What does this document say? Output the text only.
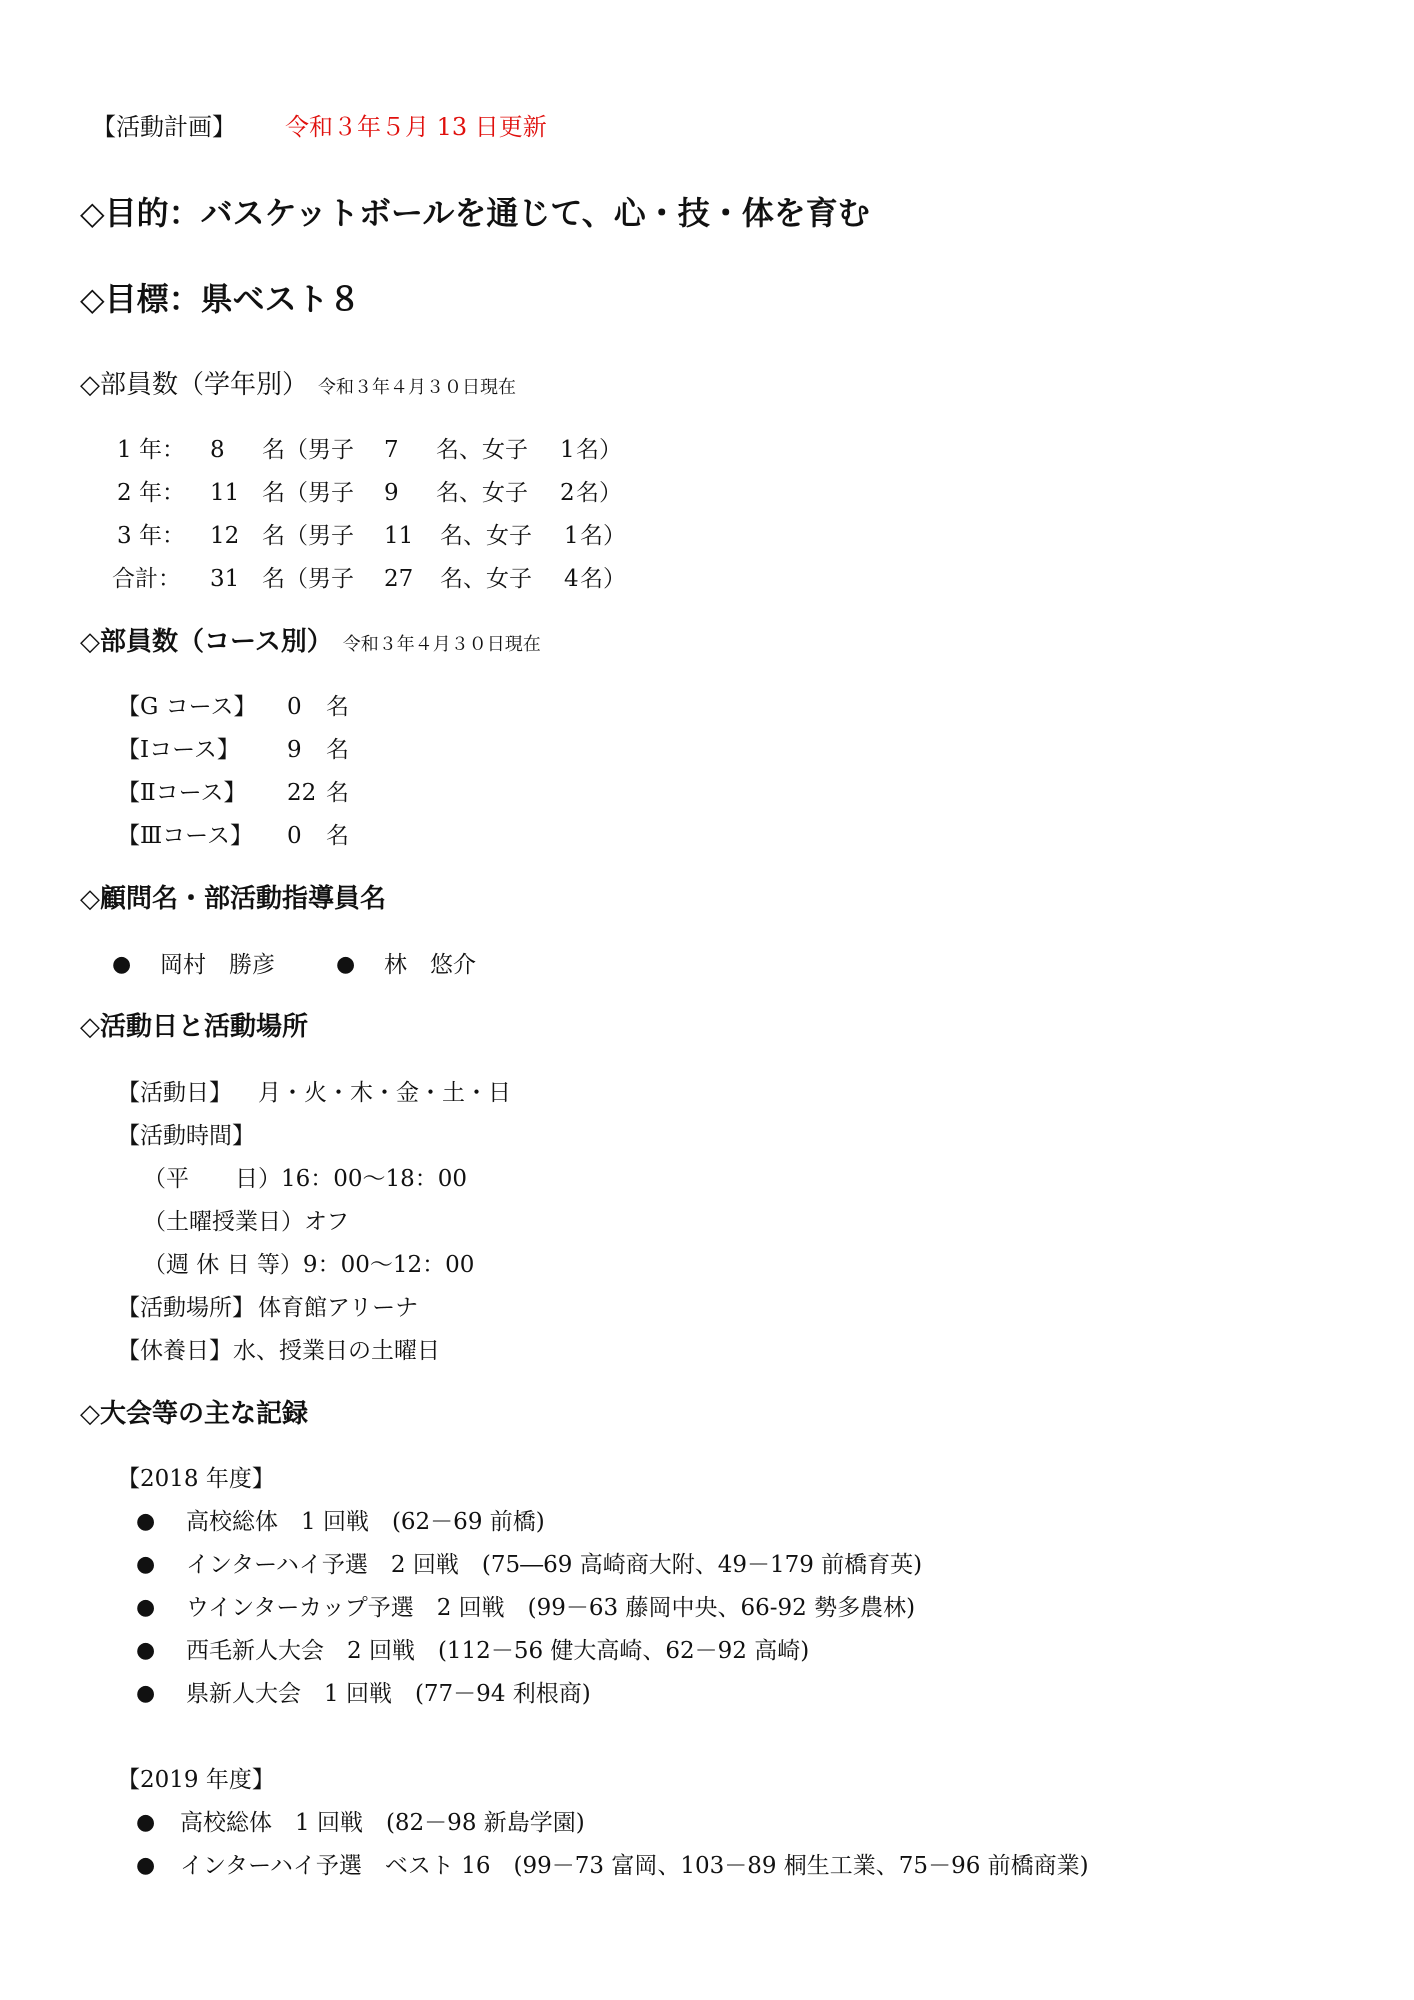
【活動計画】 令和３年５月 13 日更新
◇目的：バスケットボールを通じて、心・技・体を育む
◇目標：県ベスト８
◇部員数（学年別） 令和３年４月３０日現在
1 年： 8 名（男子 7 名、女子 1 名）
2 年： 11 名（男子 9 名、女子 2 名）
3 年： 12 名（男子 11 名、女子 1 名）
合計： 31 名（男子 27 名、女子 4 名）
◇部員数（コース別） 令和３年４月３０日現在
【G コース】 0 名
【Ⅰコース】 9 名
【Ⅱコース】 22 名
【Ⅲコース】 0 名
◇顧問名・部活動指導員名
● 岡村　勝彦	● 林　悠介
◇活動日と活動場所
【活動日】 月・火・木・金・土・日
【活動時間】
（平　　日）16：00～18：00
（土曜授業日）オフ
（週 休 日 等）9：00～12：00
【活動場所】 体育館アリーナ
【休養日】 水、授業日の土曜日
◇大会等の主な記録
【2018 年度】
● 高校総体　1 回戦　(62－69 前橋)
● インターハイ予選　2 回戦　(75―69 高崎商大附、49－179 前橋育英)
● ウインターカップ予選　2 回戦　(99－63 藤岡中央、66-92 勢多農林)
● 西毛新人大会　2 回戦　(112－56 健大高崎、62－92 高崎)
● 県新人大会　1 回戦　(77－94 利根商)
【2019 年度】
● 高校総体　1 回戦　(82－98 新島学園)
● インターハイ予選　ベスト 16　(99－73 富岡、103－89 桐生工業、75－96 前橋商業)
